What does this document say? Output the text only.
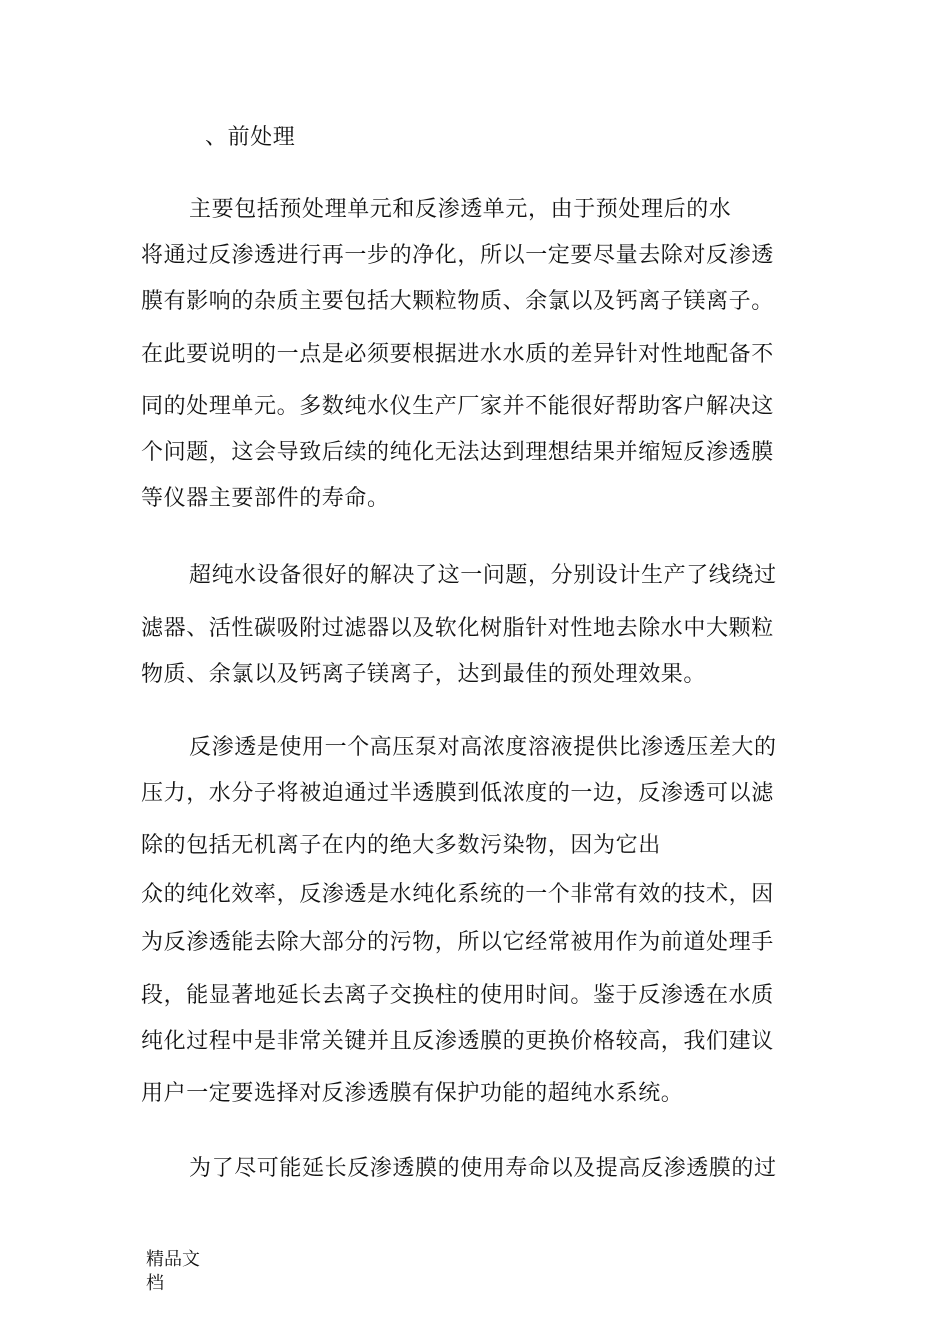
、前处理
主要包括预处理单元和反渗透单元，由于预处理后的水
将通过反渗透进行再一步的净化，所以一定要尽量去除对反渗透
膜有影响的杂质主要包括大颗粒物质、余氯以及钙离子镁离子。
在此要说明的一点是必须要根据进水水质的差异针对性地配备不
同的处理单元。多数纯水仪生产厂家并不能很好帮助客户解决这
个问题，这会导致后续的纯化无法达到理想结果并缩短反渗透膜
等仪器主要部件的寿命。
超纯水设备很好的解决了这一问题，分别设计生产了线绕过
滤器、活性碳吸附过滤器以及软化树脂针对性地去除水中大颗粒
物质、余氯以及钙离子镁离子，达到最佳的预处理效果。
反渗透是使用一个高压泵对高浓度溶液提供比渗透压差大的
压力，水分子将被迫通过半透膜到低浓度的一边，反渗透可以滤
除的包括无机离子在内的绝大多数污染物，因为它出
众的纯化效率，反渗透是水纯化系统的一个非常有效的技术，因
为反渗透能去除大部分的污物，所以它经常被用作为前道处理手
段，能显著地延长去离子交换柱的使用时间。鉴于反渗透在水质
纯化过程中是非常关键并且反渗透膜的更换价格较高，我们建议
用户一定要选择对反渗透膜有保护功能的超纯水系统。
为了尽可能延长反渗透膜的使用寿命以及提高反渗透膜的过
精品文
档
